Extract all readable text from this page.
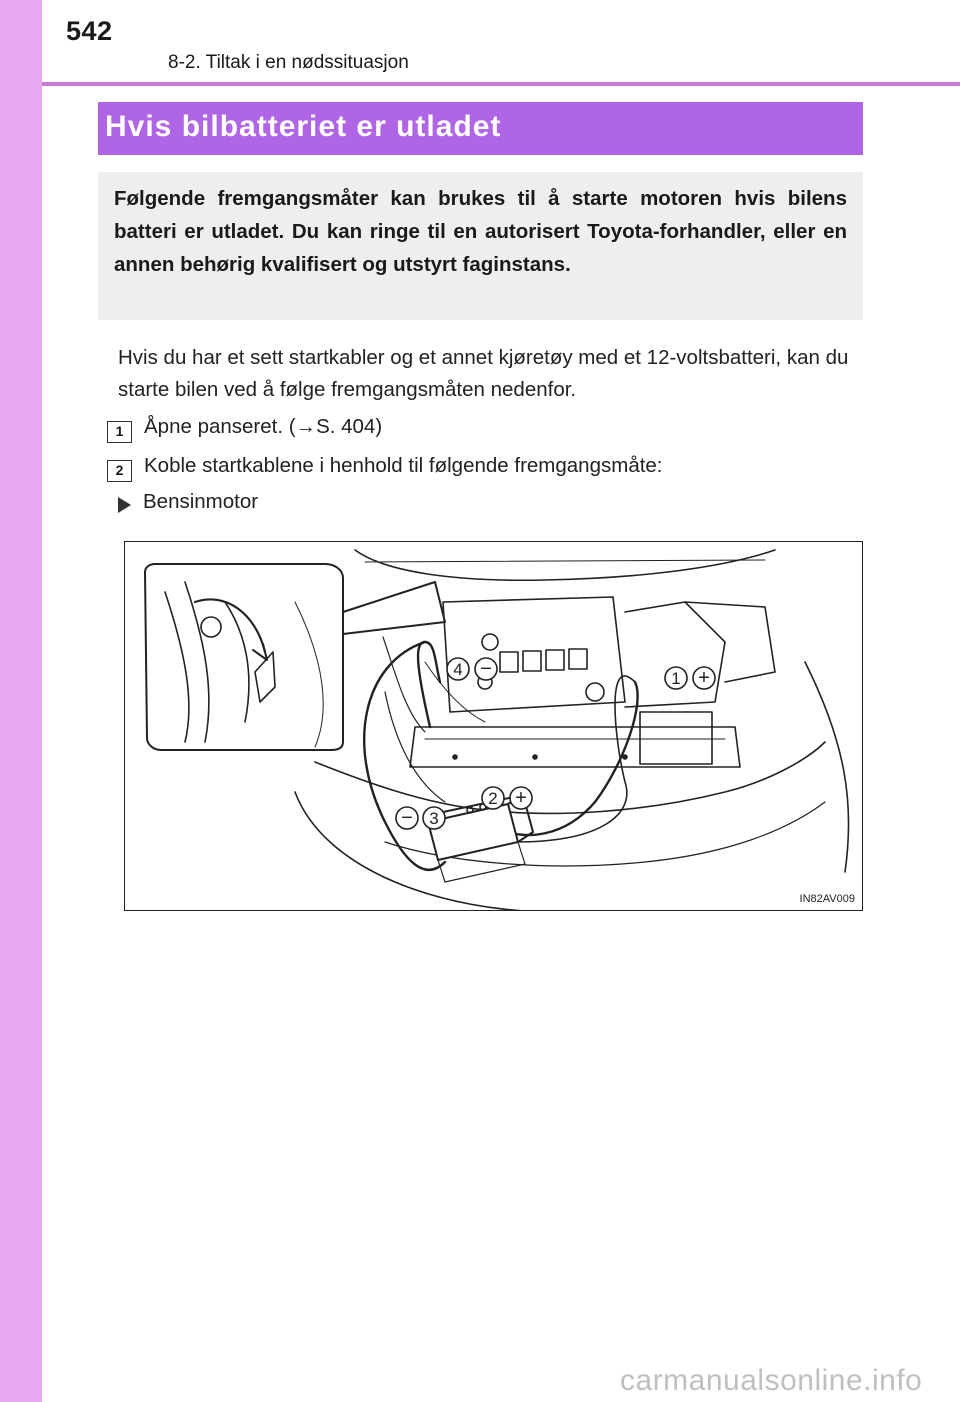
542
8-2. Tiltak i en nødssituasjon
Hvis bilbatteriet er utladet
Følgende fremgangsmåter kan brukes til å starte motoren hvis bilens batteri er utladet. Du kan ringe til en autorisert Toyota-forhandler, eller en annen behørig kvalifisert og utstyrt faginstans.
Hvis du har et sett startkabler og et annet kjøretøy med et 12-voltsbatteri, kan du starte bilen ved å følge fremgangsmåten nedenfor.
1	Åpne panseret. (→S. 404)
2	Koble startkablene i henhold til følgende fremgangsmåte:
Bensinmotor
4 −	1 +
2 +
− 3
IN82AV009
carmanualsonline.info
